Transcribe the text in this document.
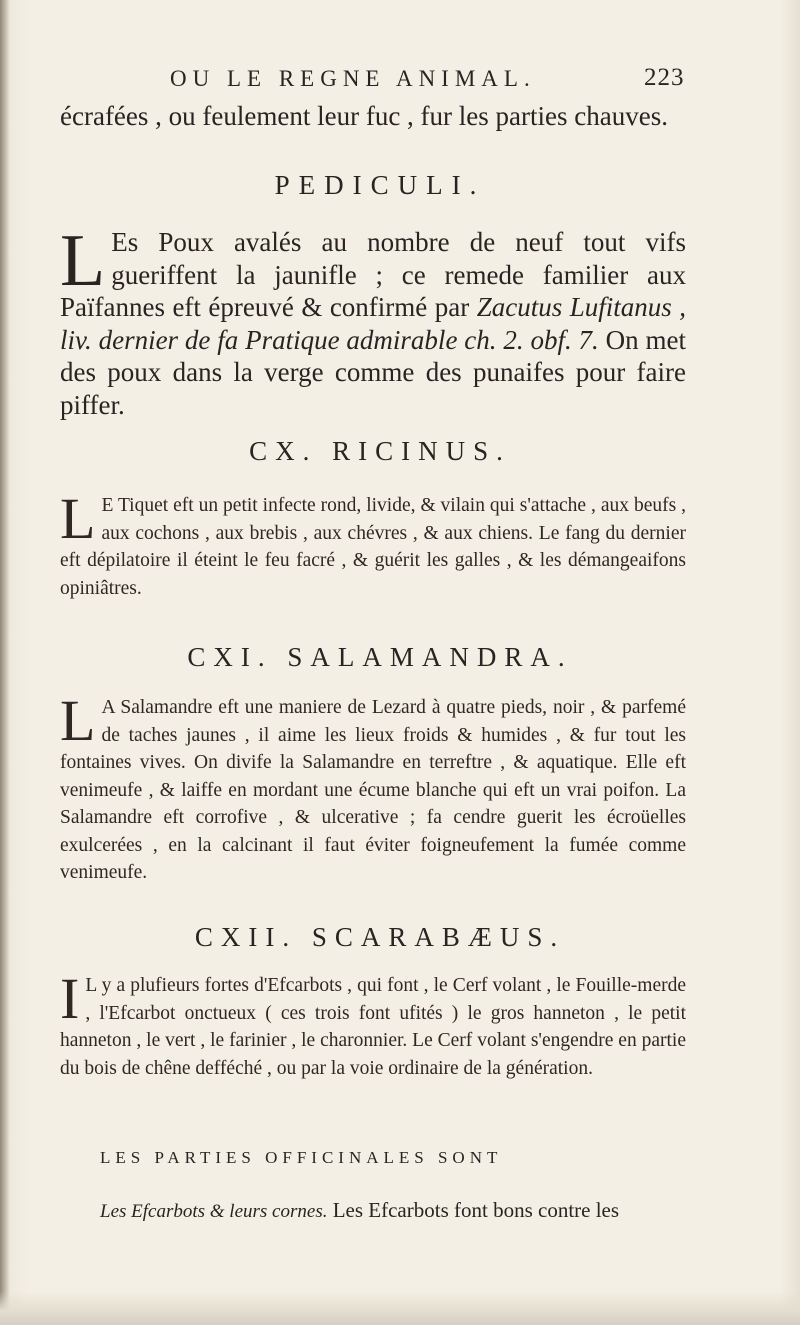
OU LE REGNE ANIMAL.	223

écrafées , ou feulement leur fuc , fur les parties chauves.

PEDICULI.

L Es Poux avalés au nombre de neuf tout vifs gueriffent la jaunifle ; ce remede familier aux Païfannes eft épreuvé & confirmé par Zacutus Lufitanus , liv. dernier de fa Pratique admirable ch. 2. obf. 7. On met des poux dans la verge comme des punaifes pour faire piffer.

CX. RICINUS.

L E Tiquet eft un petit infecte rond, livide, & vilain qui s'attache , aux beufs , aux cochons , aux brebis , aux chévres , & aux chiens. Le fang du dernier eft dépilatoire il éteint le feu facré , & guérit les galles , & les démangeaifons opiniâtres.

CXI. SALAMANDRA.

L A Salamandre eft une maniere de Lezard à quatre pieds, noir , & parfemé de taches jaunes , il aime les lieux froids & humides , & fur tout les fontaines vives. On divife la Salamandre en terreftre , & aquatique. Elle eft venimeufe , & laiffe en mordant une écume blanche qui eft un vrai poifon. La Salamandre eft corrofive , & ulcerative ; fa cendre guerit les écroüelles exulcerées , en la calcinant il faut éviter foigneufement la fumée comme venimeufe.

CXII. SCARABÆUS.

I L y a plufieurs fortes d'Efcarbots , qui font , le Cerf volant , le Fouille-merde , l'Efcarbot onctueux ( ces trois font ufités ) le gros hanneton , le petit hanneton , le vert , le farinier , le charonnier. Le Cerf volant s'engendre en partie du bois de chêne defféché , ou par la voie ordinaire de la génération.

LES PARTIES OFFICINALES SONT
Les Efcarbots & leurs cornes. Les Efcarbots font bons contre les
